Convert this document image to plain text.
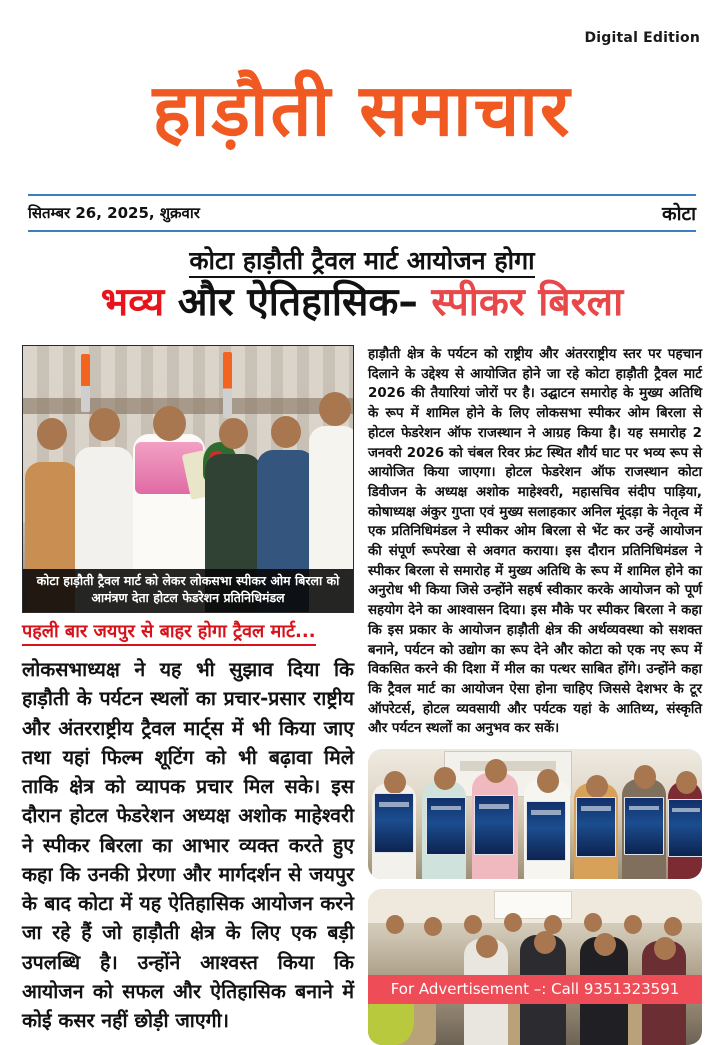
Digital Edition
हाड़ौती समाचार
सितम्बर 26, 2025, शुक्रवार	कोटा
कोटा हाड़ौती ट्रैवल मार्ट आयोजन होगा
भव्य और ऐतिहासिक– स्पीकर बिरला
कोटा हाड़ौती ट्रैवल मार्ट को लेकर लोकसभा स्पीकर ओम बिरला को
आमंत्रण देता होटल फेडरेशन प्रतिनिधिमंडल
पहली बार जयपुर से बाहर होगा ट्रैवल मार्ट...
लोकसभाध्यक्ष ने यह भी सुझाव दिया कि हाड़ौती के पर्यटन स्थलों का प्रचार-प्रसार राष्ट्रीय और अंतरराष्ट्रीय ट्रैवल मार्ट्स में भी किया जाए तथा यहां फिल्म शूटिंग को भी बढ़ावा मिले ताकि क्षेत्र को व्यापक प्रचार मिल सके। इस दौरान होटल फेडरेशन अध्यक्ष अशोक माहेश्वरी ने स्पीकर बिरला का आभार व्यक्त करते हुए कहा कि उनकी प्रेरणा और मार्गदर्शन से जयपुर के बाद कोटा में यह ऐतिहासिक आयोजन करने जा रहे हैं जो हाड़ौती क्षेत्र के लिए एक बड़ी उपलब्धि है। उन्होंने आश्वस्त किया कि आयोजन को सफल और ऐतिहासिक बनाने में कोई कसर नहीं छोड़ी जाएगी।
हाड़ौती क्षेत्र के पर्यटन को राष्ट्रीय और अंतरराष्ट्रीय स्तर पर पहचान दिलाने के उद्देश्य से आयोजित होने जा रहे कोटा हाड़ौती ट्रैवल मार्ट 2026 की तैयारियां जोरों पर है। उद्घाटन समारोह के मुख्य अतिथि के रूप में शामिल होने के लिए लोकसभा स्पीकर ओम बिरला से होटल फेडरेशन ऑफ राजस्थान ने आग्रह किया है। यह समारोह 2 जनवरी 2026 को चंबल रिवर फ्रंट स्थित शौर्य घाट पर भव्य रूप से आयोजित किया जाएगा। होटल फेडरेशन ऑफ राजस्थान कोटा डिवीजन के अध्यक्ष अशोक माहेश्वरी, महासचिव संदीप पाड़िया, कोषाध्यक्ष अंकुर गुप्ता एवं मुख्य सलाहकार अनिल मूंदड़ा के नेतृत्व में एक प्रतिनिधिमंडल ने स्पीकर ओम बिरला से भेंट कर उन्हें आयोजन की संपूर्ण रूपरेखा से अवगत कराया। इस दौरान प्रतिनिधिमंडल ने स्पीकर बिरला से समारोह में मुख्य अतिथि के रूप में शामिल होने का अनुरोध भी किया जिसे उन्होंने सहर्ष स्वीकार करके आयोजन को पूर्ण सहयोग देने का आश्वासन दिया। इस मौके पर स्पीकर बिरला ने कहा कि इस प्रकार के आयोजन हाड़ौती क्षेत्र की अर्थव्यवस्था को सशक्त बनाने, पर्यटन को उद्योग का रूप देने और कोटा को एक नए रूप में विकसित करने की दिशा में मील का पत्थर साबित होंगे। उन्होंने कहा कि ट्रैवल मार्ट का आयोजन ऐसा होना चाहिए जिससे देशभर के टूर ऑपरेटर्स, होटल व्यवसायी और पर्यटक यहां के आतिथ्य, संस्कृति और पर्यटन स्थलों का अनुभव कर सकें।
For Advertisement –: Call 9351323591
